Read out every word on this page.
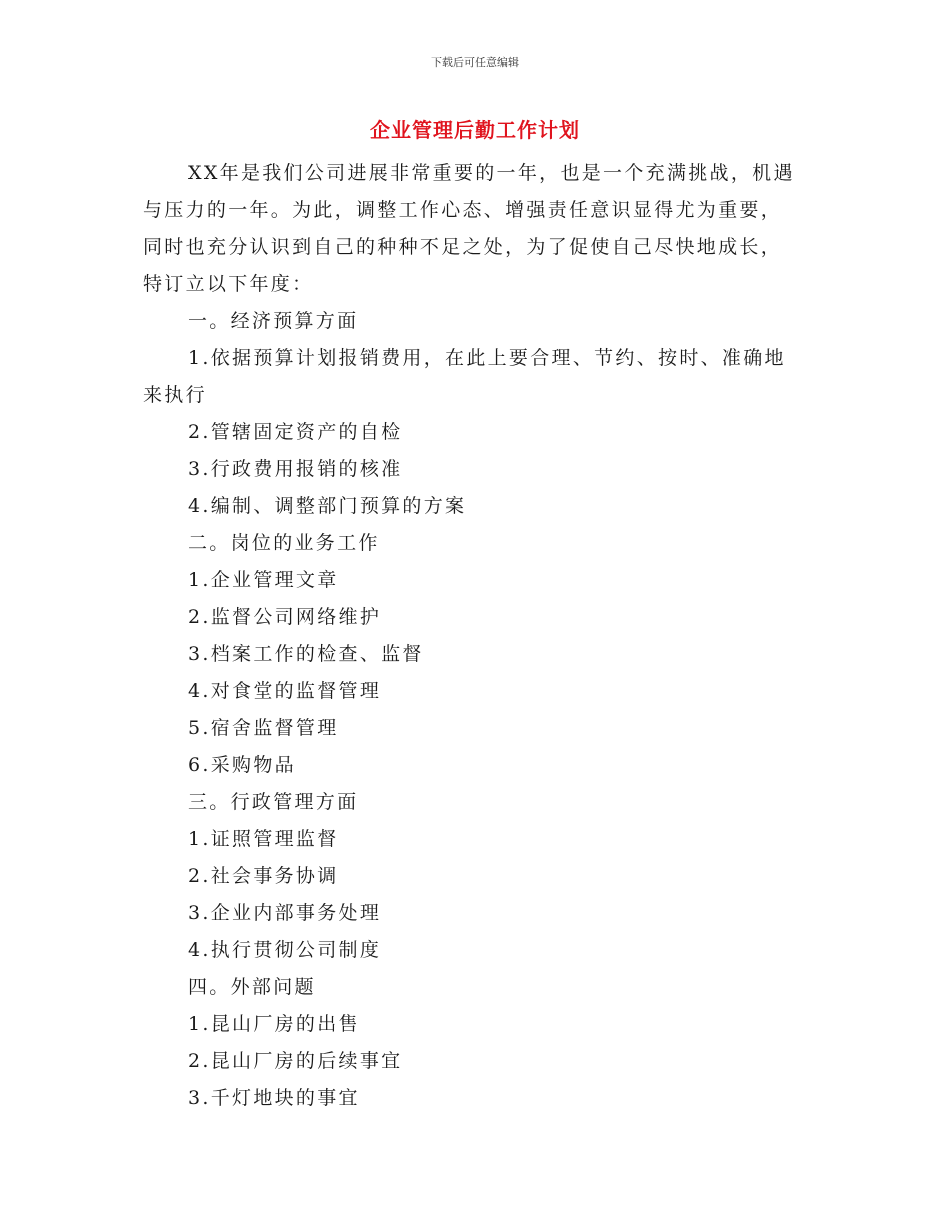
下载后可任意编辑
企业管理后勤工作计划

XX年是我们公司进展非常重要的一年，也是一个充满挑战，机遇与压力的一年。为此，调整工作心态、增强责任意识显得尤为重要，同时也充分认识到自己的种种不足之处，为了促使自己尽快地成长，特订立以下年度：

一。经济预算方面

1.依据预算计划报销费用，在此上要合理、节约、按时、准确地来执行

2.管辖固定资产的自检

3.行政费用报销的核准

4.编制、调整部门预算的方案

二。岗位的业务工作

1.企业管理文章

2.监督公司网络维护

3.档案工作的检查、监督

4.对食堂的监督管理

5.宿舍监督管理

6.采购物品

三。行政管理方面

1.证照管理监督

2.社会事务协调

3.企业内部事务处理

4.执行贯彻公司制度

四。外部问题

1.昆山厂房的出售

2.昆山厂房的后续事宜

3.千灯地块的事宜
